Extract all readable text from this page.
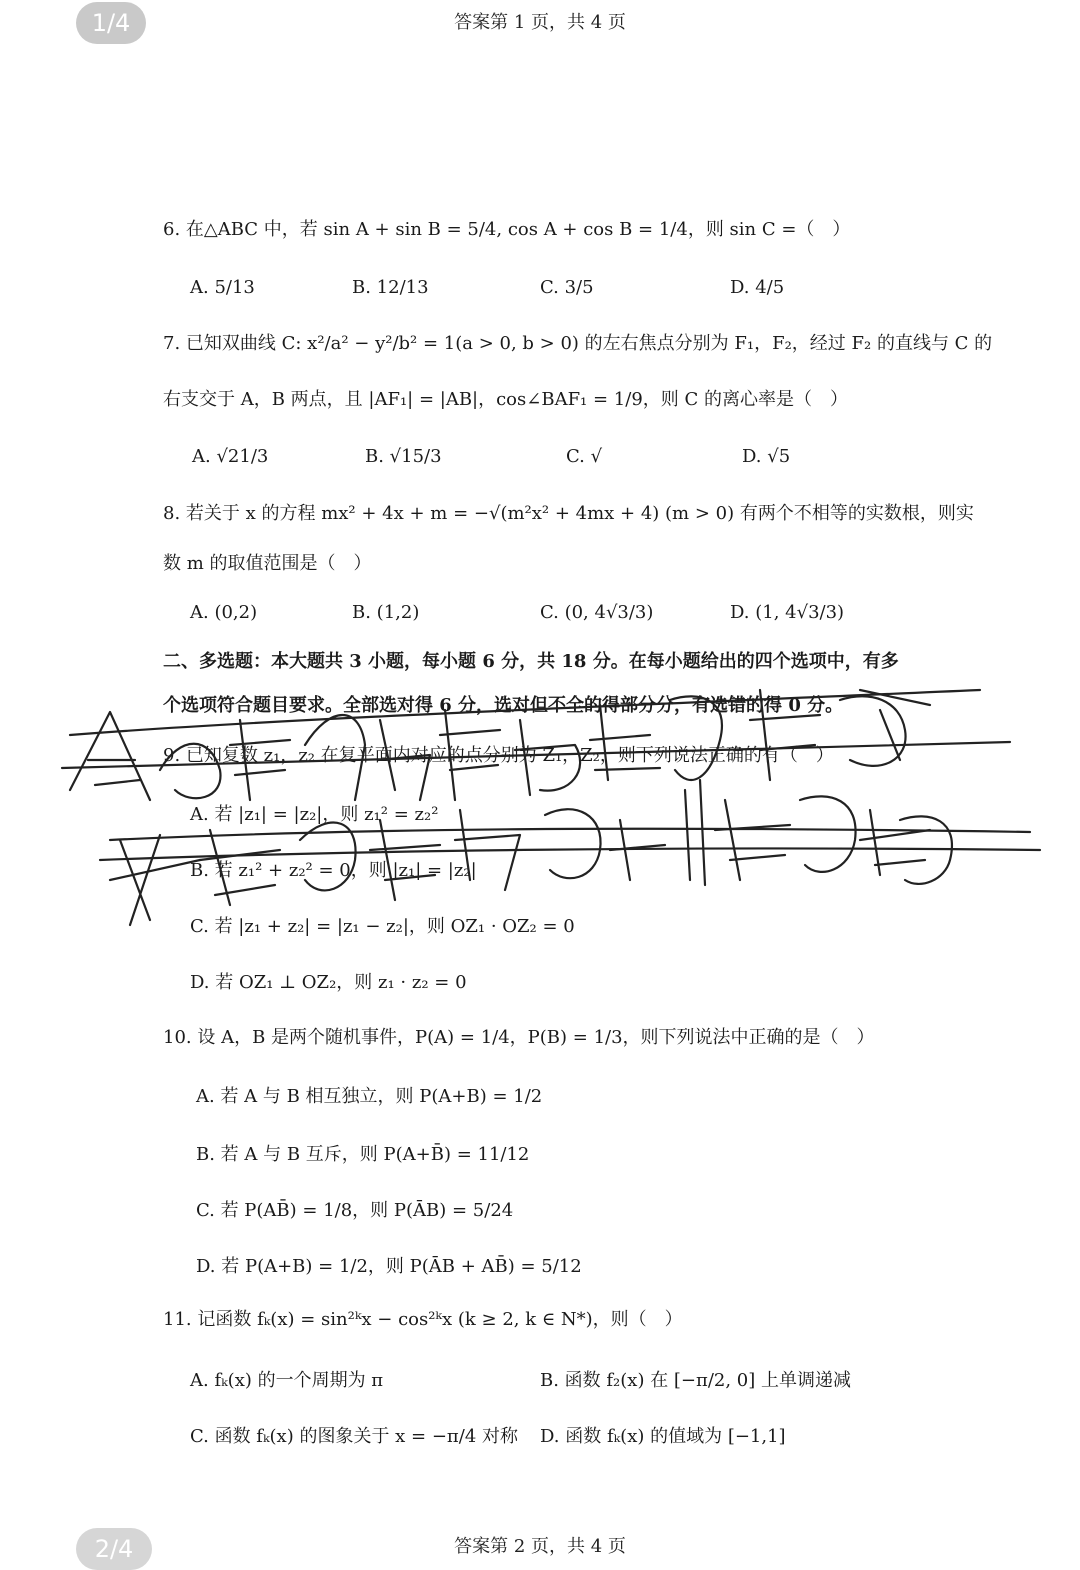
1/4	答案第 1 页，共 4 页
6. 在△ABC 中，若 sin A + sin B = 5/4, cos A + cos B = 1/4，则 sin C =（　）
A. 5/13	B. 12/13	C. 3/5	D. 4/5
7. 已知双曲线 C: x²/a² − y²/b² = 1(a > 0, b > 0) 的左右焦点分别为 F₁，F₂，经过 F₂ 的直线与 C 的
右支交于 A，B 两点，且 |AF₁| = |AB|，cos∠BAF₁ = 1/9，则 C 的离心率是（　）
A. √21/3	B. √15/3	C. √	D. √5
8. 若关于 x 的方程 mx² + 4x + m = −√(m²x² + 4mx + 4) (m > 0) 有两个不相等的实数根，则实
数 m 的取值范围是（　）
A. (0,2)	B. (1,2)	C. (0, 4√3/3)	D. (1, 4√3/3)
二、多选题：本大题共 3 小题，每小题 6 分，共 18 分。在每小题给出的四个选项中，有多
个选项符合题目要求。全部选对得 6 分，选对但不全的得部分分，有选错的得 0 分。
9. 已知复数 z₁，z₂ 在复平面内对应的点分别为 Z₁，Z₂，则下列说法正确的有（　）
A. 若 |z₁| = |z₂|，则 z₁² = z₂²
B. 若 z₁² + z₂² = 0，则 |z₁| = |z₂|
C. 若 |z₁ + z₂| = |z₁ − z₂|，则 OZ₁ · OZ₂ = 0
D. 若 OZ₁ ⊥ OZ₂，则 z₁ · z₂ = 0
10. 设 A，B 是两个随机事件，P(A) = 1/4，P(B) = 1/3，则下列说法中正确的是（　）
A. 若 A 与 B 相互独立，则 P(A+B) = 1/2
B. 若 A 与 B 互斥，则 P(A+B̄) = 11/12
C. 若 P(AB̄) = 1/8，则 P(ĀB) = 5/24
D. 若 P(A+B) = 1/2，则 P(ĀB + AB̄) = 5/12
11. 记函数 fₖ(x) = sin²ᵏx − cos²ᵏx (k ≥ 2, k ∈ N*)，则（　）
A. fₖ(x) 的一个周期为 π	B. 函数 f₂(x) 在 [−π/2, 0] 上单调递减
C. 函数 fₖ(x) 的图象关于 x = −π/4 对称 D. 函数 fₖ(x) 的值域为 [−1,1]
2/4	答案第 2 页，共 4 页
